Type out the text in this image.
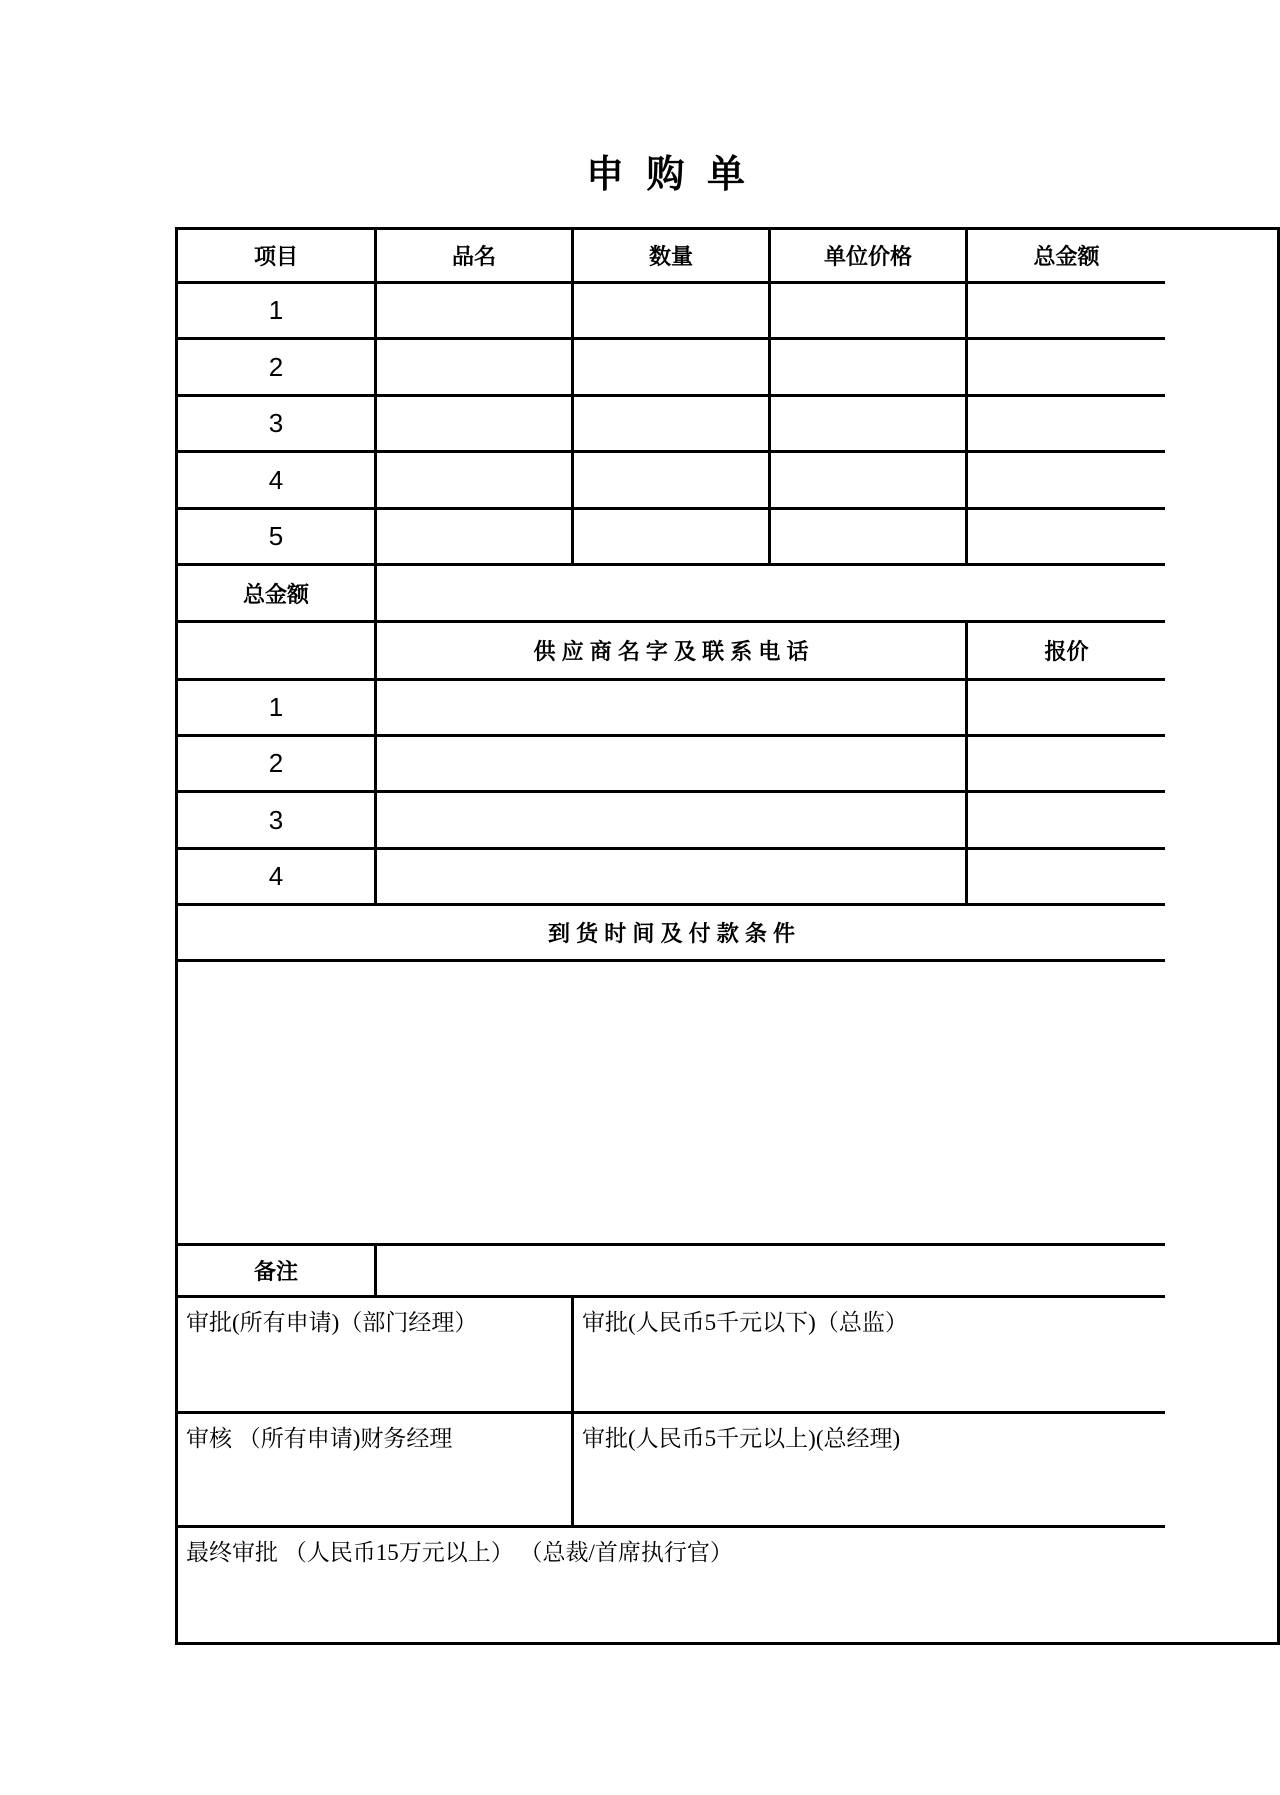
申 购 单
项目	品名	数量	单位价格	总金额
1
2
3
4
5
总金额
供 应 商 名 字 及 联 系 电 话	报价
1
2
3
4
到 货 时 间 及 付 款 条 件
备注
审批(所有申请)（部门经理）	审批(人民币5千元以下)（总监）
审核 （所有申请)财务经理	审批(人民币5千元以上)(总经理)
最终审批 （人民币15万元以上） （总裁/首席执行官）
